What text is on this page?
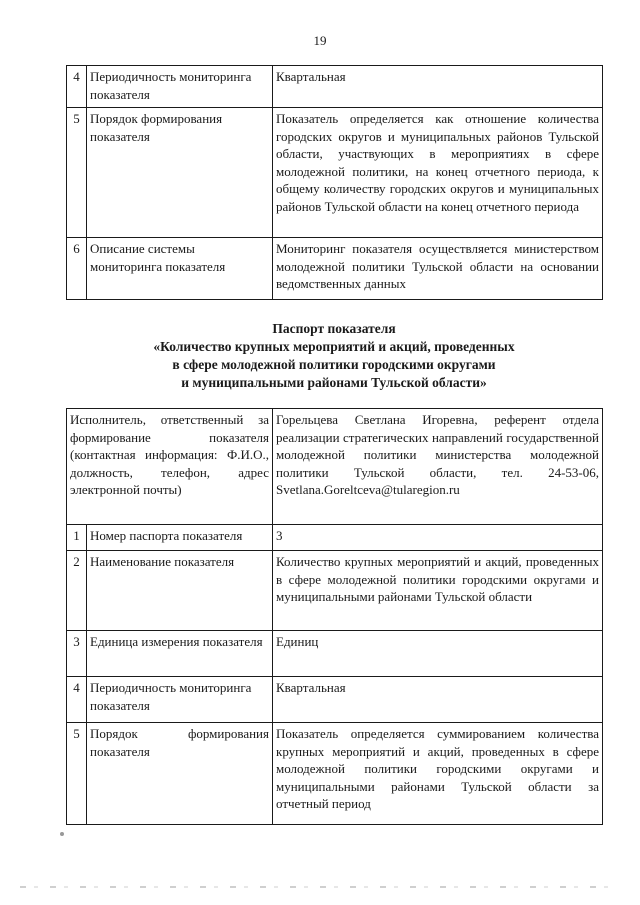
19
4	Периодичность мониторинга показателя	Квартальная
5	Порядок формирования показателя	Показатель определяется как отношение количества городских округов и муниципальных районов Тульской области, участвующих в мероприятиях в сфере молодежной политики, на конец отчетного периода, к общему количеству городских округов и муниципальных районов Тульской области на конец отчетного периода
6	Описание системы мониторинга показателя	Мониторинг показателя осуществляется министерством молодежной политики Тульской области на основании ведомственных данных
Паспорт показателя
«Количество крупных мероприятий и акций, проведенных
в сфере молодежной политики городскими округами
и муниципальными районами Тульской области»
Исполнитель, ответственный за формирование показателя (контактная информация: Ф.И.О., должность, телефон, адрес электронной почты)		Горельцева Светлана Игоревна, референт отдела реализации стратегических направлений государственной молодежной политики министерства молодежной политики Тульской области, тел. 24-53-06, Svetlana.Goreltceva@tularegion.ru
1	Номер паспорта показателя	3
2	Наименование показателя	Количество крупных мероприятий и акций, проведенных в сфере молодежной политики городскими округами и муниципальными районами Тульской области
3	Единица измерения показателя	Единиц
4	Периодичность мониторинга показателя	Квартальная
5	Порядок формирования показателя	Показатель определяется суммированием количества крупных мероприятий и акций, проведенных в сфере молодежной политики городскими округами и муниципальными районами Тульской области за отчетный период
